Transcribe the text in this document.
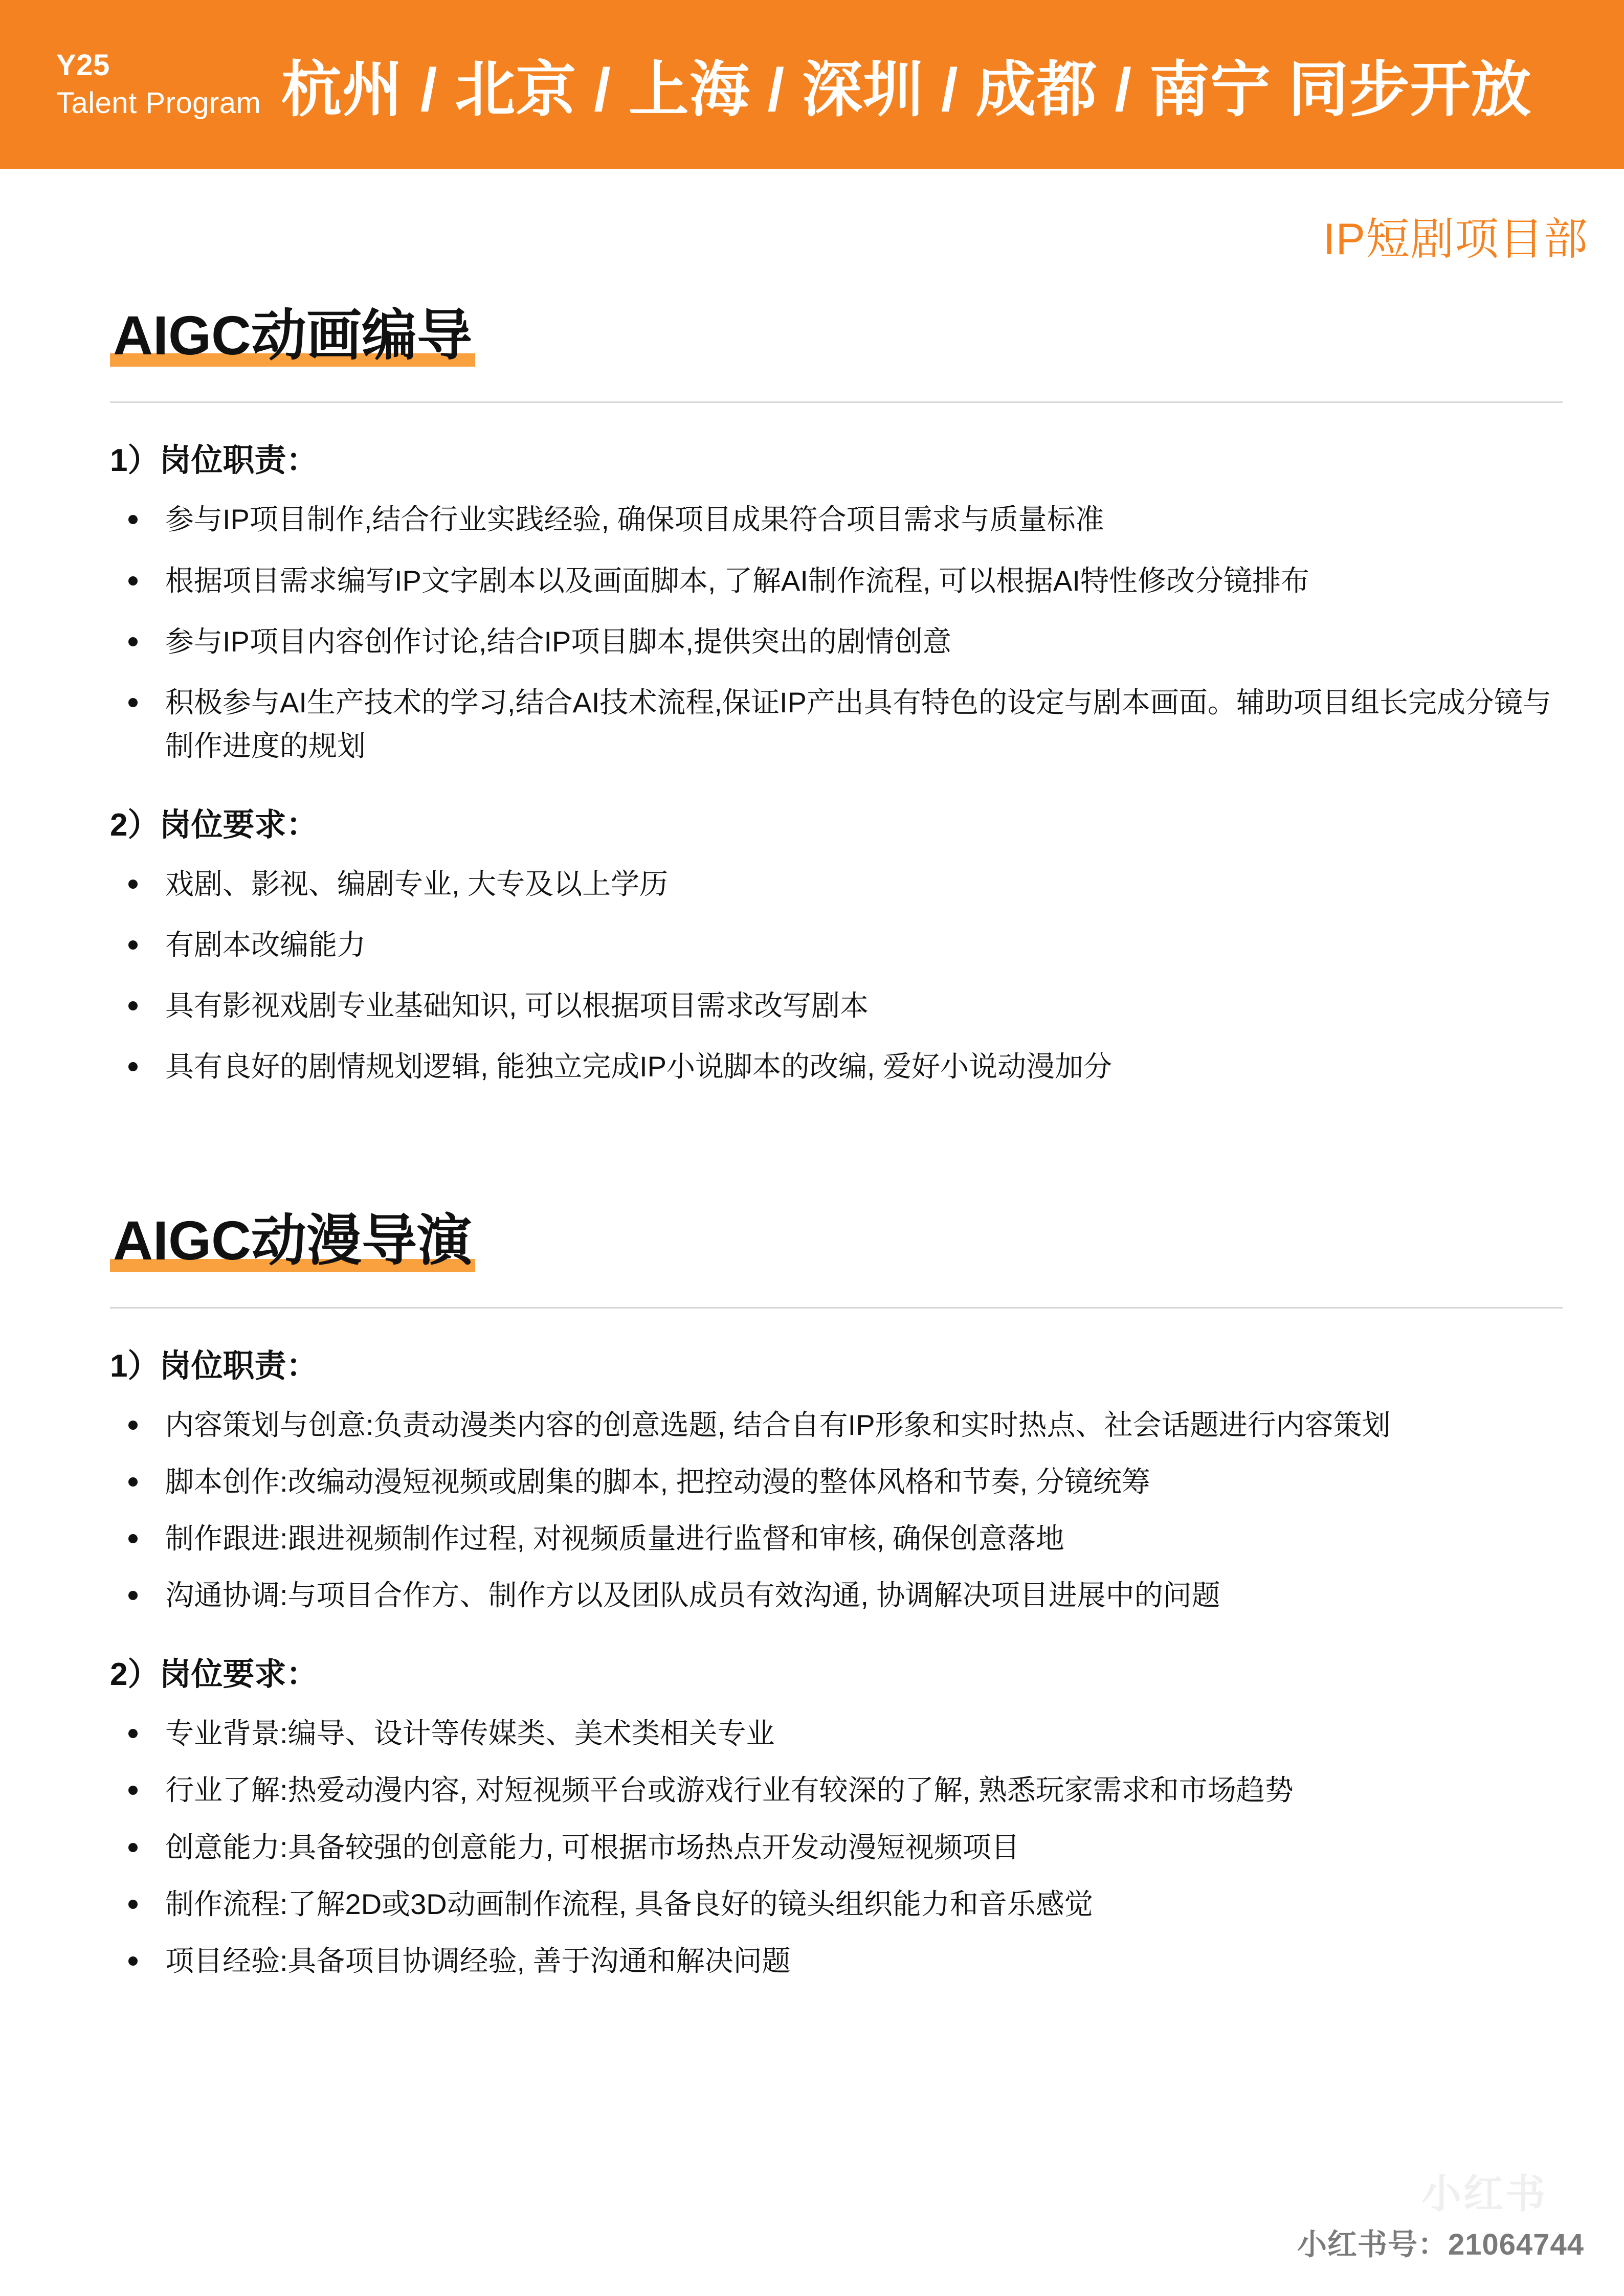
Y25
Talent Program 杭州 / 北京 / 上海 / 深圳 / 成都 / 南宁 同步开放
IP短剧项目部
AIGC动画编导
1）岗位职责：
参与IP项目制作,结合行业实践经验, 确保项目成果符合项目需求与质量标准
根据项目需求编写IP文字剧本以及画面脚本, 了解AI制作流程, 可以根据AI特性修改分镜排布
参与IP项目内容创作讨论,结合IP项目脚本,提供突出的剧情创意
积极参与AI生产技术的学习,结合AI技术流程,保证IP产出具有特色的设定与剧本画面。辅助项目组长完成分镜与制作进度的规划
2）岗位要求：
戏剧、影视、编剧专业, 大专及以上学历
有剧本改编能力
具有影视戏剧专业基础知识, 可以根据项目需求改写剧本
具有良好的剧情规划逻辑, 能独立完成IP小说脚本的改编, 爱好小说动漫加分
AIGC动漫导演
1）岗位职责：
内容策划与创意:负责动漫类内容的创意选题, 结合自有IP形象和实时热点、社会话题进行内容策划
脚本创作:改编动漫短视频或剧集的脚本, 把控动漫的整体风格和节奏, 分镜统筹
制作跟进:跟进视频制作过程, 对视频质量进行监督和审核, 确保创意落地
沟通协调:与项目合作方、制作方以及团队成员有效沟通, 协调解决项目进展中的问题
2）岗位要求：
专业背景:编导、设计等传媒类、美术类相关专业
行业了解:热爱动漫内容, 对短视频平台或游戏行业有较深的了解, 熟悉玩家需求和市场趋势
创意能力:具备较强的创意能力, 可根据市场热点开发动漫短视频项目
制作流程:了解2D或3D动画制作流程, 具备良好的镜头组织能力和音乐感觉
项目经验:具备项目协调经验, 善于沟通和解决问题
小红书
小红书号：21064744
